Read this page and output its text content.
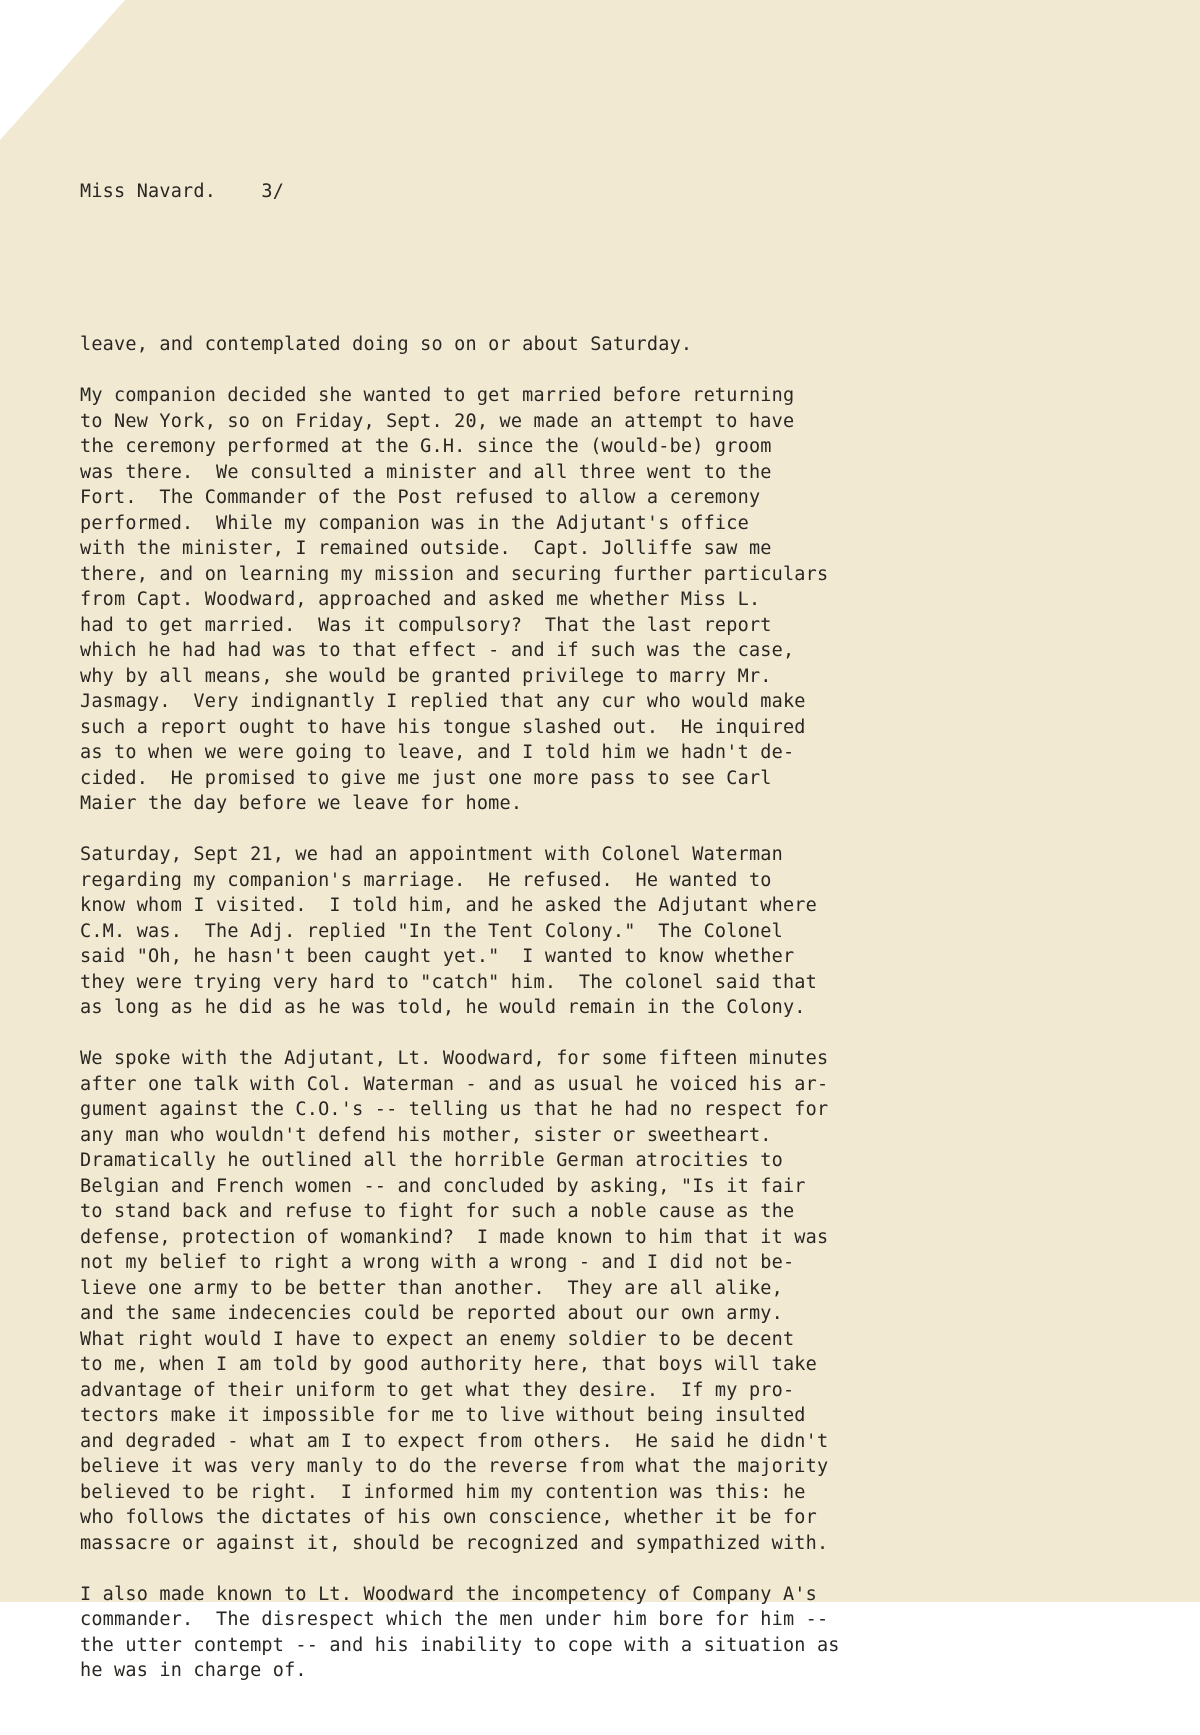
Miss Navard. 3/

leave, and contemplated doing so on or about Saturday.
My companion decided she wanted to get married before returning
to New York, so on Friday, Sept. 20, we made an attempt to have
the ceremony performed at the G.H. since the (would-be) groom
was there.  We consulted a minister and all three went to the
Fort.  The Commander of the Post refused to allow a ceremony
performed.  While my companion was in the Adjutant's office
with the minister, I remained outside.  Capt. Jolliffe saw me
there, and on learning my mission and securing further particulars
from Capt. Woodward, approached and asked me whether Miss L.
had to get married.  Was it compulsory?  That the last report
which he had had was to that effect - and if such was the case,
why by all means, she would be granted privilege to marry Mr.
Jasmagy.  Very indignantly I replied that any cur who would make
such a report ought to have his tongue slashed out.  He inquired
as to when we were going to leave, and I told him we hadn't de-
cided.  He promised to give me just one more pass to see Carl
Maier the day before we leave for home.
Saturday, Sept 21, we had an appointment with Colonel Waterman
regarding my companion's marriage.  He refused.  He wanted to
know whom I visited.  I told him, and he asked the Adjutant where
C.M. was.  The Adj. replied "In the Tent Colony."  The Colonel
said "Oh, he hasn't been caught yet."  I wanted to know whether
they were trying very hard to "catch" him.  The colonel said that
as long as he did as he was told, he would remain in the Colony.
We spoke with the Adjutant, Lt. Woodward, for some fifteen minutes
after one talk with Col. Waterman - and as usual he voiced his ar-
gument against the C.O.'s -- telling us that he had no respect for
any man who wouldn't defend his mother, sister or sweetheart.
Dramatically he outlined all the horrible German atrocities to
Belgian and French women -- and concluded by asking, "Is it fair
to stand back and refuse to fight for such a noble cause as the
defense, protection of womankind?  I made known to him that it was
not my belief to right a wrong with a wrong - and I did not be-
lieve one army to be better than another.  They are all alike,
and the same indecencies could be reported about our own army.
What right would I have to expect an enemy soldier to be decent
to me, when I am told by good authority here, that boys will take
advantage of their uniform to get what they desire.  If my pro-
tectors make it impossible for me to live without being insulted
and degraded - what am I to expect from others.  He said he didn't
believe it was very manly to do the reverse from what the majority
believed to be right.  I informed him my contention was this: he
who follows the dictates of his own conscience, whether it be for
massacre or against it, should be recognized and sympathized with.
I also made known to Lt. Woodward the incompetency of Company A's
commander.  The disrespect which the men under him bore for him --
the utter contempt -- and his inability to cope with a situation as
he was in charge of.
